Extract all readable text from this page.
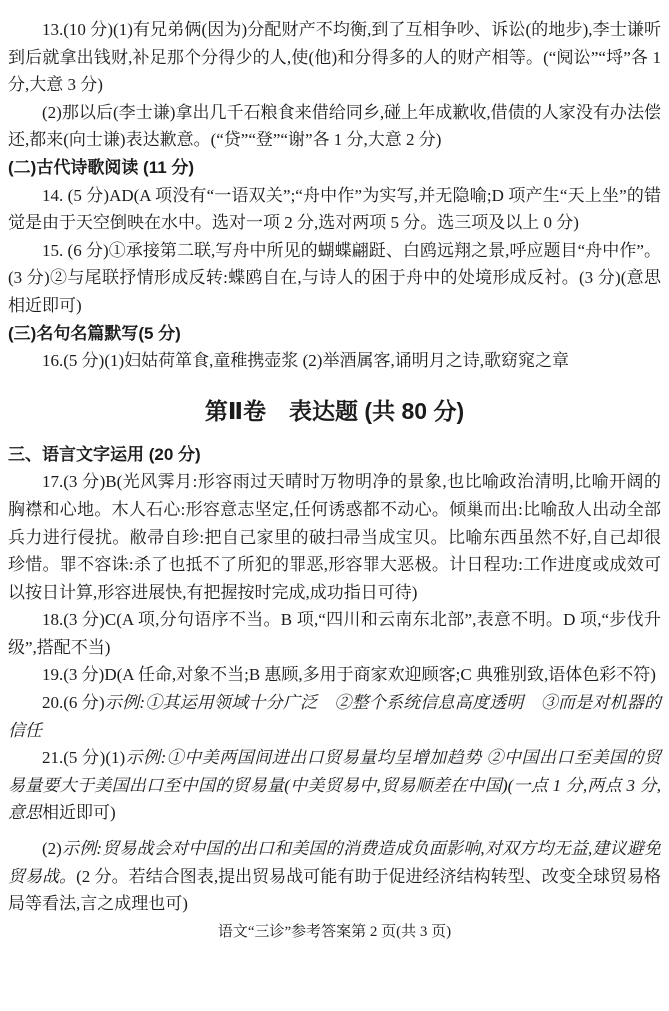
13.(10 分)(1)有兄弟俩(因为)分配财产不均衡,到了互相争吵、诉讼(的地步),李士谦听到后就拿出钱财,补足那个分得少的人,使(他)和分得多的人的财产相等。(“阋讼”“埒”各 1 分,大意 3 分)

(2)那以后(李士谦)拿出几千石粮食来借给同乡,碰上年成歉收,借债的人家没有办法偿还,都来(向士谦)表达歉意。(“贷”“登”“谢”各 1 分,大意 2 分)

(二)古代诗歌阅读 (11 分)

14. (5 分)AD(A 项没有“一语双关”;“舟中作”为实写,并无隐喻;D 项产生“天上坐”的错觉是由于天空倒映在水中。选对一项 2 分,选对两项 5 分。选三项及以上 0 分)

15. (6 分)①承接第二联,写舟中所见的蝴蝶翩跹、白鸥远翔之景,呼应题目“舟中作”。(3 分)②与尾联抒情形成反转:蝶鸥自在,与诗人的困于舟中的处境形成反衬。(3 分)(意思相近即可)

(三)名句名篇默写(5 分)

16.(5 分)(1)妇姑荷箪食,童稚携壶浆 (2)举酒属客,诵明月之诗,歌窈窕之章

第Ⅱ卷　表达题 (共 80 分)

三、语言文字运用 (20 分)

17.(3 分)B(光风霁月:形容雨过天晴时万物明净的景象,也比喻政治清明,比喻开阔的胸襟和心地。木人石心:形容意志坚定,任何诱惑都不动心。倾巢而出:比喻敌人出动全部兵力进行侵扰。敝帚自珍:把自己家里的破扫帚当成宝贝。比喻东西虽然不好,自己却很珍惜。罪不容诛:杀了也抵不了所犯的罪恶,形容罪大恶极。计日程功:工作进度或成效可以按日计算,形容进展快,有把握按时完成,成功指日可待)

18.(3 分)C(A 项,分句语序不当。B 项,“四川和云南东北部”,表意不明。D 项,“步伐升级”,搭配不当)

19.(3 分)D(A 任命,对象不当;B 惠顾,多用于商家欢迎顾客;C 典雅别致,语体色彩不符)

20.(6 分)示例:①其运用领域十分广泛　②整个系统信息高度透明　③而是对机器的信任

21.(5 分)(1)示例:①中美两国间进出口贸易量均呈增加趋势 ②中国出口至美国的贸易量要大于美国出口至中国的贸易量(中美贸易中,贸易顺差在中国)(一点 1 分,两点 3 分,意思相近即可)

(2)示例:贸易战会对中国的出口和美国的消费造成负面影响,对双方均无益,建议避免贸易战。(2 分。若结合图表,提出贸易战可能有助于促进经济结构转型、改变全球贸易格局等看法,言之成理也可)

语文“三诊”参考答案第 2 页(共 3 页)
